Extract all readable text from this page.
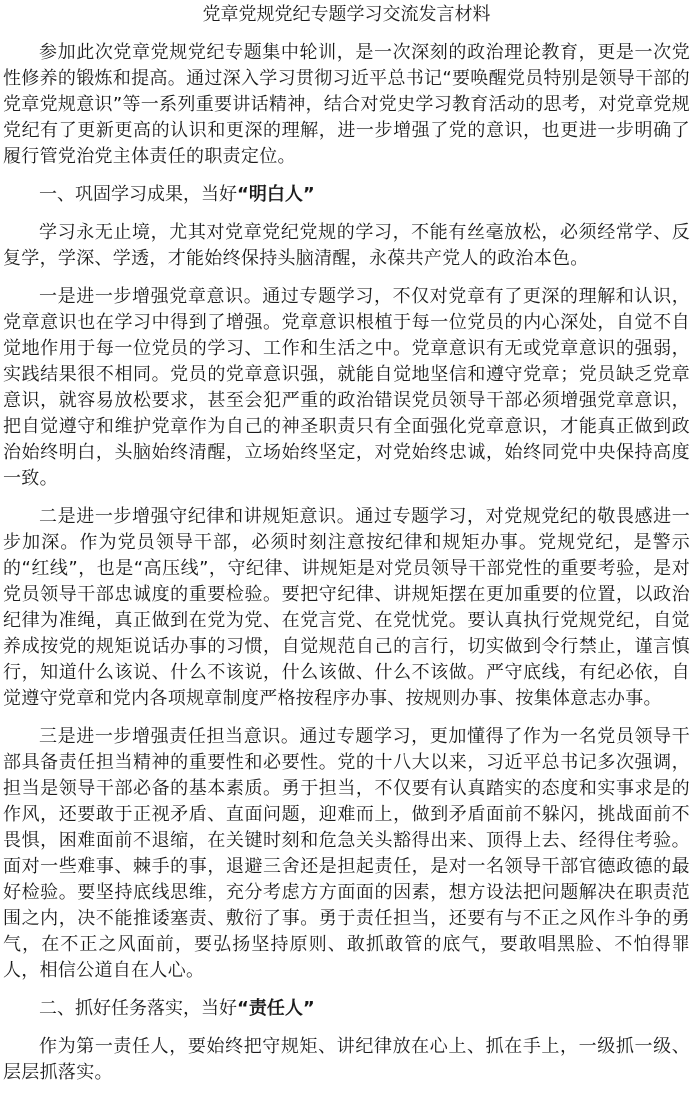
党章党规党纪专题学习交流发言材料

参加此次党章党规党纪专题集中轮训，是一次深刻的政治理论教育，更是一次党性修养的锻炼和提高。通过深入学习贯彻习近平总书记“要唤醒党员特别是领导干部的党章党规意识”等一系列重要讲话精神，结合对党史学习教育活动的思考，对党章党规党纪有了更新更高的认识和更深的理解，进一步增强了党的意识，也更进一步明确了履行管党治党主体责任的职责定位。

一、巩固学习成果，当好“明白人”

学习永无止境，尤其对党章党纪党规的学习，不能有丝毫放松，必须经常学、反复学，学深、学透，才能始终保持头脑清醒，永葆共产党人的政治本色。

一是进一步增强党章意识。通过专题学习，不仅对党章有了更深的理解和认识，党章意识也在学习中得到了增强。党章意识根植于每一位党员的内心深处，自觉不自觉地作用于每一位党员的学习、工作和生活之中。党章意识有无或党章意识的强弱，实践结果很不相同。党员的党章意识强，就能自觉地坚信和遵守党章；党员缺乏党章意识，就容易放松要求，甚至会犯严重的政治错误党员领导干部必须增强党章意识，把自觉遵守和维护党章作为自己的神圣职责只有全面强化党章意识，才能真正做到政治始终明白，头脑始终清醒，立场始终坚定，对党始终忠诚，始终同党中央保持高度一致。

二是进一步增强守纪律和讲规矩意识。通过专题学习，对党规党纪的敬畏感进一步加深。作为党员领导干部，必须时刻注意按纪律和规矩办事。党规党纪，是警示的“红线”，也是“高压线”，守纪律、讲规矩是对党员领导干部党性的重要考验，是对党员领导干部忠诚度的重要检验。要把守纪律、讲规矩摆在更加重要的位置，以政治纪律为准绳，真正做到在党为党、在党言党、在党忧党。要认真执行党规党纪，自觉养成按党的规矩说话办事的习惯，自觉规范自己的言行，切实做到令行禁止，谨言慎行，知道什么该说、什么不该说，什么该做、什么不该做。严守底线，有纪必依，自觉遵守党章和党内各项规章制度严格按程序办事、按规则办事、按集体意志办事。

三是进一步增强责任担当意识。通过专题学习，更加懂得了作为一名党员领导干部具备责任担当精神的重要性和必要性。党的十八大以来，习近平总书记多次强调，担当是领导干部必备的基本素质。勇于担当，不仅要有认真踏实的态度和实事求是的作风，还要敢于正视矛盾、直面问题，迎难而上，做到矛盾面前不躲闪，挑战面前不畏惧，困难面前不退缩，在关键时刻和危急关头豁得出来、顶得上去、经得住考验。面对一些难事、棘手的事，退避三舍还是担起责任，是对一名领导干部官德政德的最好检验。要坚持底线思维，充分考虑方方面面的因素，想方设法把问题解决在职责范围之内，决不能推诿塞责、敷衍了事。勇于责任担当，还要有与不正之风作斗争的勇气，在不正之风面前，要弘扬坚持原则、敢抓敢管的底气，要敢唱黑脸、不怕得罪人，相信公道自在人心。

二、抓好任务落实，当好“责任人”

作为第一责任人，要始终把守规矩、讲纪律放在心上、抓在手上，一级抓一级、层层抓落实。
